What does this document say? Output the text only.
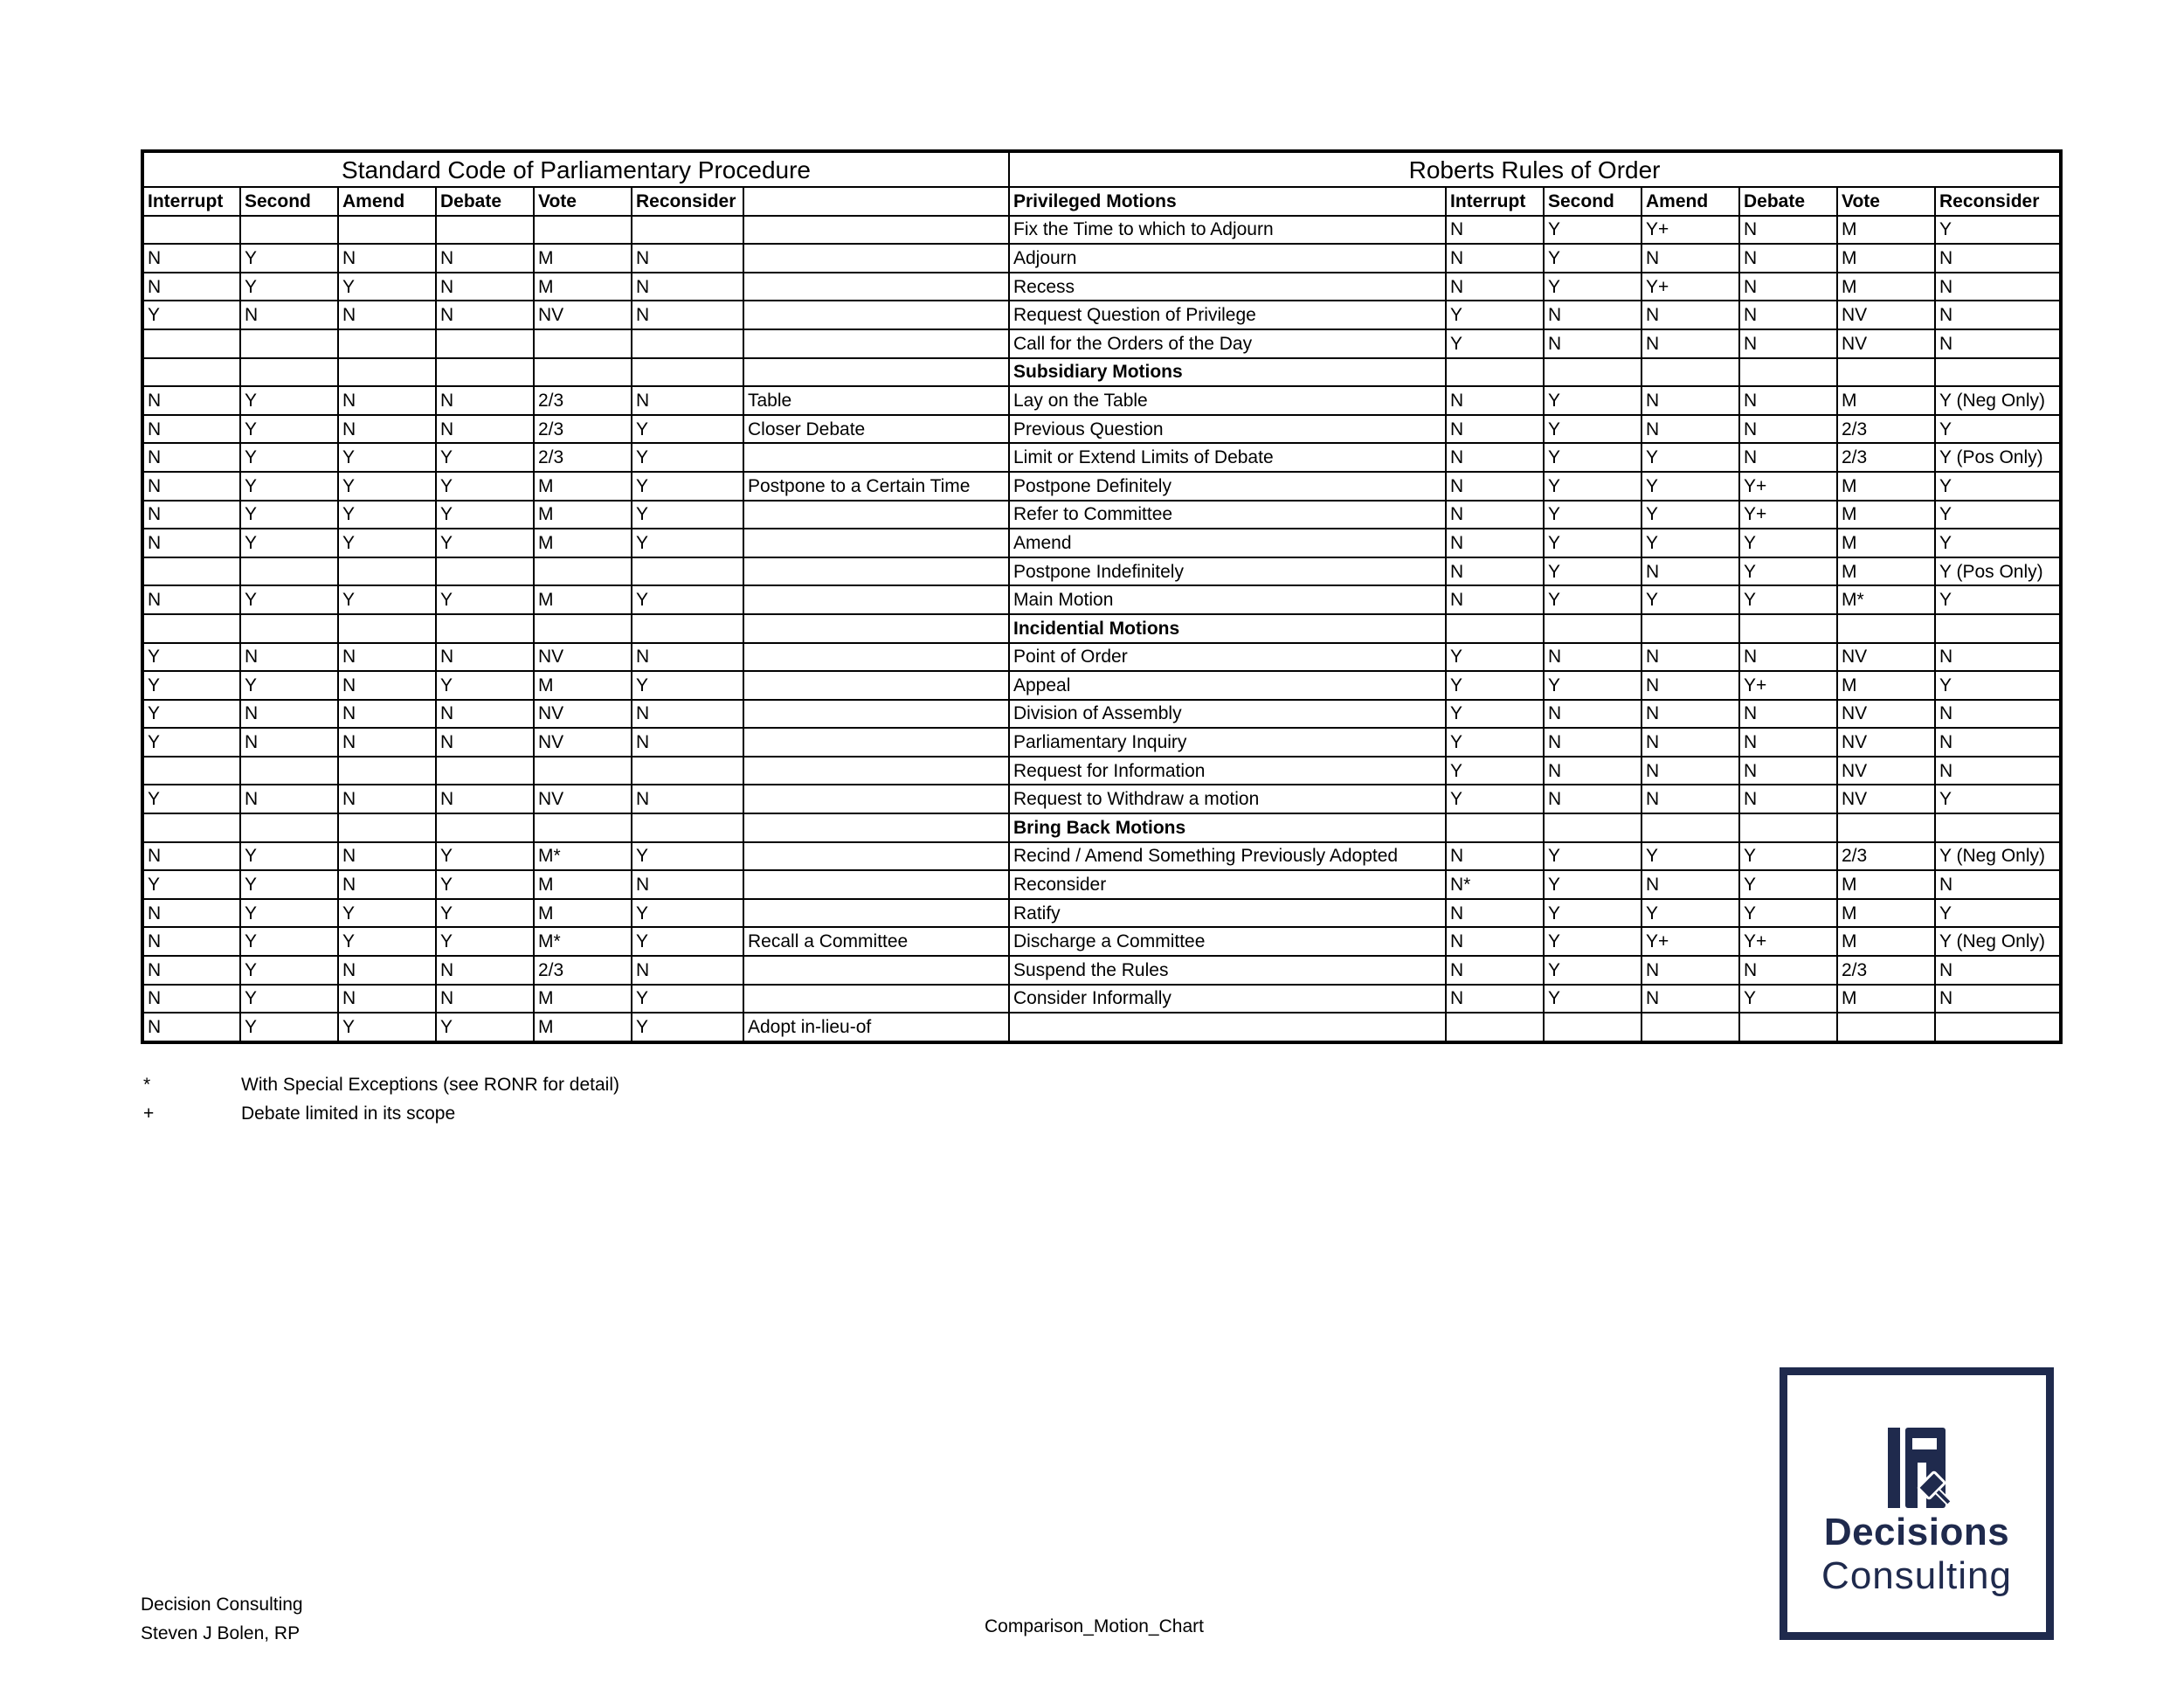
Standard Code of Parliamentary Procedure							Roberts Rules of Order						
Interrupt	Second	Amend	Debate	Vote	Reconsider		Privileged Motions	Interrupt	Second	Amend	Debate	Vote	Reconsider
							Fix the Time to which to Adjourn	N	Y	Y+	N	M	Y
N	Y	N	N	M	N		Adjourn	N	Y	N	N	M	N
N	Y	Y	N	M	N		Recess	N	Y	Y+	N	M	N
Y	N	N	N	NV	N		Request Question of Privilege	Y	N	N	N	NV	N
							Call for the Orders of the Day	Y	N	N	N	NV	N
							Subsidiary Motions						
N	Y	N	N	2/3	N	Table	Lay on the Table	N	Y	N	N	M	Y (Neg Only)
N	Y	N	N	2/3	Y	Closer Debate	Previous Question	N	Y	N	N	2/3	Y
N	Y	Y	Y	2/3	Y		Limit or Extend Limits of Debate	N	Y	Y	N	2/3	Y (Pos Only)
N	Y	Y	Y	M	Y	Postpone to a Certain Time	Postpone Definitely	N	Y	Y	Y+	M	Y
N	Y	Y	Y	M	Y		Refer to Committee	N	Y	Y	Y+	M	Y
N	Y	Y	Y	M	Y		Amend	N	Y	Y	Y	M	Y
							Postpone Indefinitely	N	Y	N	Y	M	Y (Pos Only)
N	Y	Y	Y	M	Y		Main Motion	N	Y	Y	Y	M*	Y
							Incidential Motions						
Y	N	N	N	NV	N		Point of Order	Y	N	N	N	NV	N
Y	Y	N	Y	M	Y		Appeal	Y	Y	N	Y+	M	Y
Y	N	N	N	NV	N		Division of Assembly	Y	N	N	N	NV	N
Y	N	N	N	NV	N		Parliamentary Inquiry	Y	N	N	N	NV	N
							Request for Information	Y	N	N	N	NV	N
Y	N	N	N	NV	N		Request to Withdraw a motion	Y	N	N	N	NV	Y
							Bring Back Motions						
N	Y	N	Y	M*	Y		Recind / Amend Something Previously Adopted	N	Y	Y	Y	2/3	Y (Neg Only)
Y	Y	N	Y	M	N		Reconsider	N*	Y	N	Y	M	N
N	Y	Y	Y	M	Y		Ratify	N	Y	Y	Y	M	Y
N	Y	Y	Y	M*	Y	Recall a Committee	Discharge a Committee	N	Y	Y+	Y+	M	Y (Neg Only)
N	Y	N	N	2/3	N		Suspend the Rules	N	Y	N	N	2/3	N
N	Y	N	N	M	Y		Consider Informally	N	Y	N	Y	M	N
N	Y	Y	Y	M	Y	Adopt in-lieu-of							
*	With Special Exceptions (see RONR for detail)
+	Debate limited in its scope
Decision Consulting
Steven J Bolen, RP	Comparison_Motion_Chart
Decisions
Consulting
